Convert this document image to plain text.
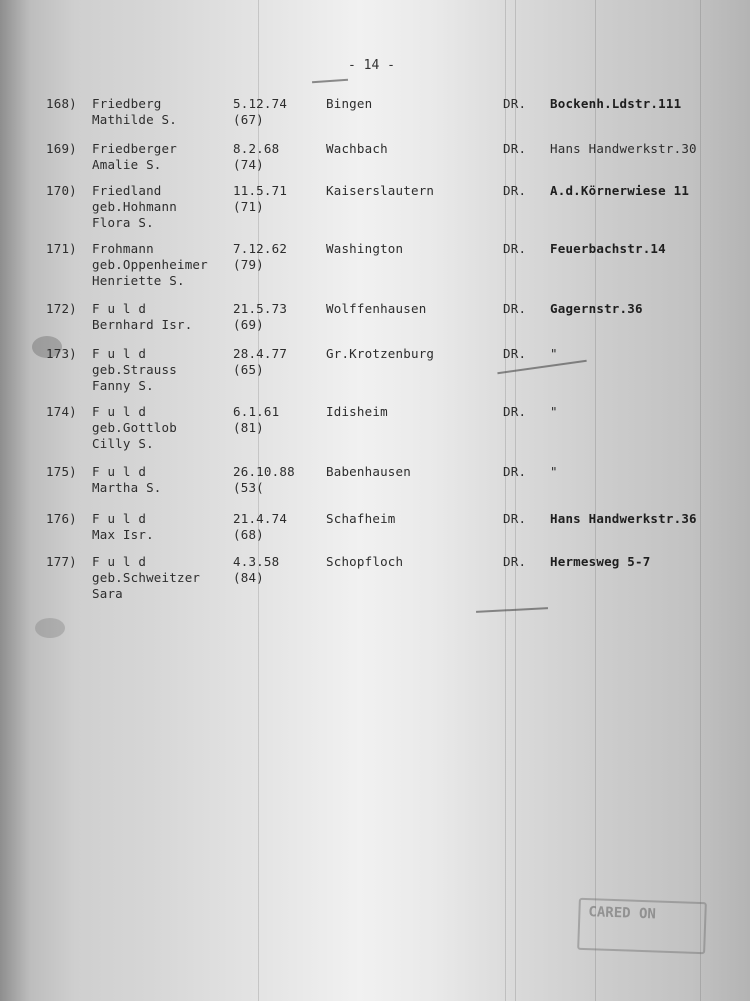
- 14 -
CARED ON
168) Friedberg
Mathilde S.
5.12.74
(67)
Bingen	DR. Bockenh.Ldstr.111
169) Friedberger
Amalie S.
8.2.68
(74)
Wachbach	DR. Hans Handwerkstr.30
170) Friedland
geb.Hohmann
Flora S.
11.5.71
(71)
Kaiserslautern	DR. A.d.Körnerwiese 11
171) Frohmann
geb.Oppenheimer
Henriette S.
7.12.62
(79)
Washington	DR. Feuerbachstr.14
172) F u l d
Bernhard Isr.
21.5.73
(69)
Wolffenhausen	DR. Gagernstr.36
173) F u l d
geb.Strauss
Fanny S.
28.4.77
(65)
Gr.Krotzenburg	DR. "
174) F u l d
geb.Gottlob
Cilly S.
6.1.61
(81)
Idisheim	DR. "
175) F u l d
Martha S.
26.10.88
(53(
Babenhausen	DR. "
176) F u l d
Max Isr.
21.4.74
(68)
Schafheim	DR. Hans Handwerkstr.36
177) F u l d
geb.Schweitzer
Sara
4.3.58
(84)
Schopfloch	DR. Hermesweg 5-7
